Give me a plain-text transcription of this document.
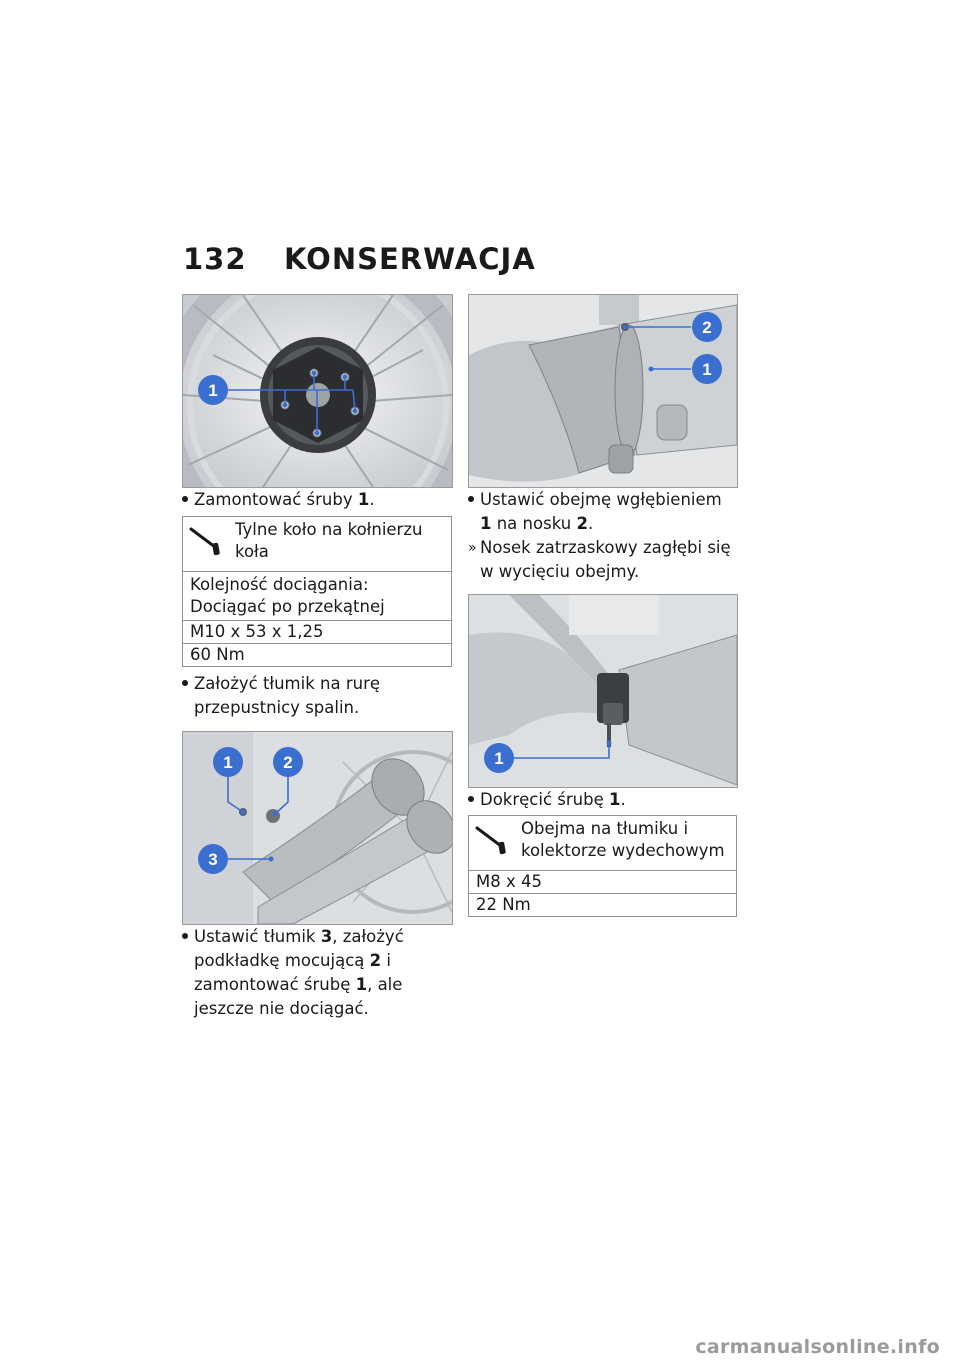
132 KONSERWACJA
1
Zamontować śruby 1.
Tylne koło na kołnierzu koła
Kolejność dociągania: Dociągać po przekątnej
M10 x 53 x 1,25
60 Nm
Założyć tłumik na rurę przepustnicy spalin.
1	2
3
Ustawić tłumik 3, założyć podkładkę mocującą 2 i zamontować śrubę 1, ale jeszcze nie dociągać.
2
1
Ustawić obejmę wgłębieniem 1 na nosku 2.
» Nosek zatrzaskowy zagłębi się w wycięciu obejmy.
1
Dokręcić śrubę 1.
Obejma na tłumiku i kolektorze wydechowym
M8 x 45
22 Nm
carmanualsonline.info
